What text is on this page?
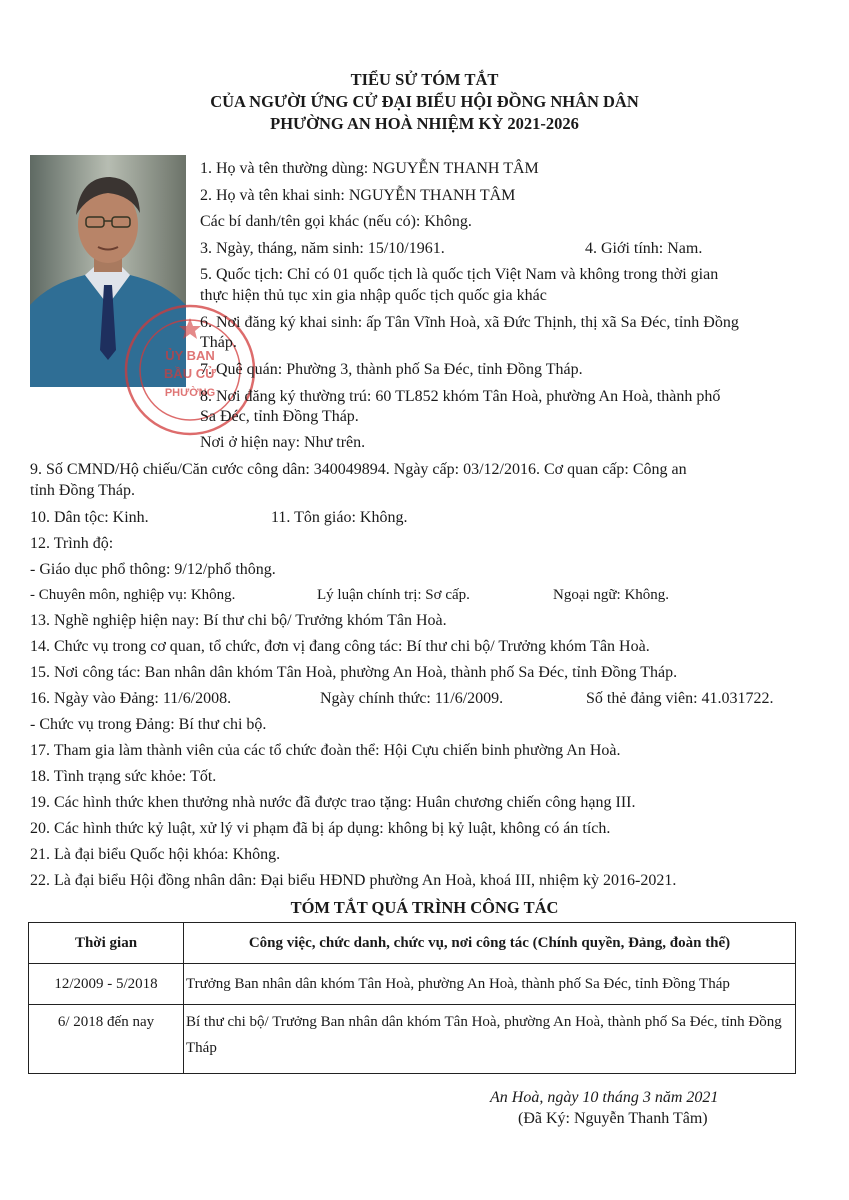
TIỂU SỬ TÓM TẮT
CỦA NGƯỜI ỨNG CỬ ĐẠI BIỂU HỘI ĐỒNG NHÂN DÂN
PHƯỜNG AN HOÀ NHIỆM KỲ 2021-2026
ỦY BAN
BẦU CỬ
PHƯỜNG
1. Họ và tên thường dùng: NGUYỄN THANH TÂM
2. Họ và tên khai sinh: NGUYỄN THANH TÂM
Các bí danh/tên gọi khác (nếu có): Không.
3. Ngày, tháng, năm sinh: 15/10/1961.	4. Giới tính: Nam.
5. Quốc tịch: Chỉ có 01 quốc tịch là quốc tịch Việt Nam và không trong thời gian
thực hiện thủ tục xin gia nhập quốc tịch quốc gia khác
6. Nơi đăng ký khai sinh: ấp Tân Vĩnh Hoà, xã Đức Thịnh, thị xã Sa Đéc, tỉnh Đồng
Tháp.
7. Quê quán: Phường 3, thành phố Sa Đéc, tỉnh Đồng Tháp.
8. Nơi đăng ký thường trú: 60 TL852 khóm Tân Hoà, phường An Hoà, thành phố
Sa Đéc, tỉnh Đồng Tháp.
Nơi ở hiện nay: Như trên.
9. Số CMND/Hộ chiếu/Căn cước công dân: 340049894. Ngày cấp: 03/12/2016. Cơ quan cấp: Công an
tỉnh Đồng Tháp.
10. Dân tộc: Kinh.	11. Tôn giáo: Không.
12. Trình độ:
- Giáo dục phổ thông: 9/12/phổ thông.
- Chuyên môn, nghiệp vụ: Không.	Lý luận chính trị: Sơ cấp.	Ngoại ngữ: Không.
13. Nghề nghiệp hiện nay: Bí thư chi bộ/ Trưởng khóm Tân Hoà.
14. Chức vụ trong cơ quan, tổ chức, đơn vị đang công tác: Bí thư chi bộ/ Trưởng khóm Tân Hoà.
15. Nơi công tác: Ban nhân dân khóm Tân Hoà, phường An Hoà, thành phố Sa Đéc, tỉnh Đồng Tháp.
16. Ngày vào Đảng: 11/6/2008.	Ngày chính thức: 11/6/2009.	Số thẻ đảng viên: 41.031722.
- Chức vụ trong Đảng: Bí thư chi bộ.
17. Tham gia làm thành viên của các tổ chức đoàn thể: Hội Cựu chiến binh phường An Hoà.
18. Tình trạng sức khỏe: Tốt.
19. Các hình thức khen thưởng nhà nước đã được trao tặng: Huân chương chiến công hạng III.
20. Các hình thức kỷ luật, xử lý vi phạm đã bị áp dụng: không bị kỷ luật, không có án tích.
21. Là đại biểu Quốc hội khóa: Không.
22. Là đại biểu Hội đồng nhân dân: Đại biểu HĐND phường An Hoà, khoá III, nhiệm kỳ 2016-2021.
TÓM TẮT QUÁ TRÌNH CÔNG TÁC
Thời gian	Công việc, chức danh, chức vụ, nơi công tác (Chính quyền, Đảng, đoàn thể)
12/2009 - 5/2018	Trưởng Ban nhân dân khóm Tân Hoà, phường An Hoà, thành phố Sa Đéc, tỉnh Đồng Tháp
6/ 2018 đến nay	Bí thư chi bộ/ Trưởng Ban nhân dân khóm Tân Hoà, phường An Hoà, thành phố Sa Đéc, tỉnh Đồng Tháp
An Hoà, ngày 10 tháng 3 năm 2021
(Đã Ký: Nguyễn Thanh Tâm)
